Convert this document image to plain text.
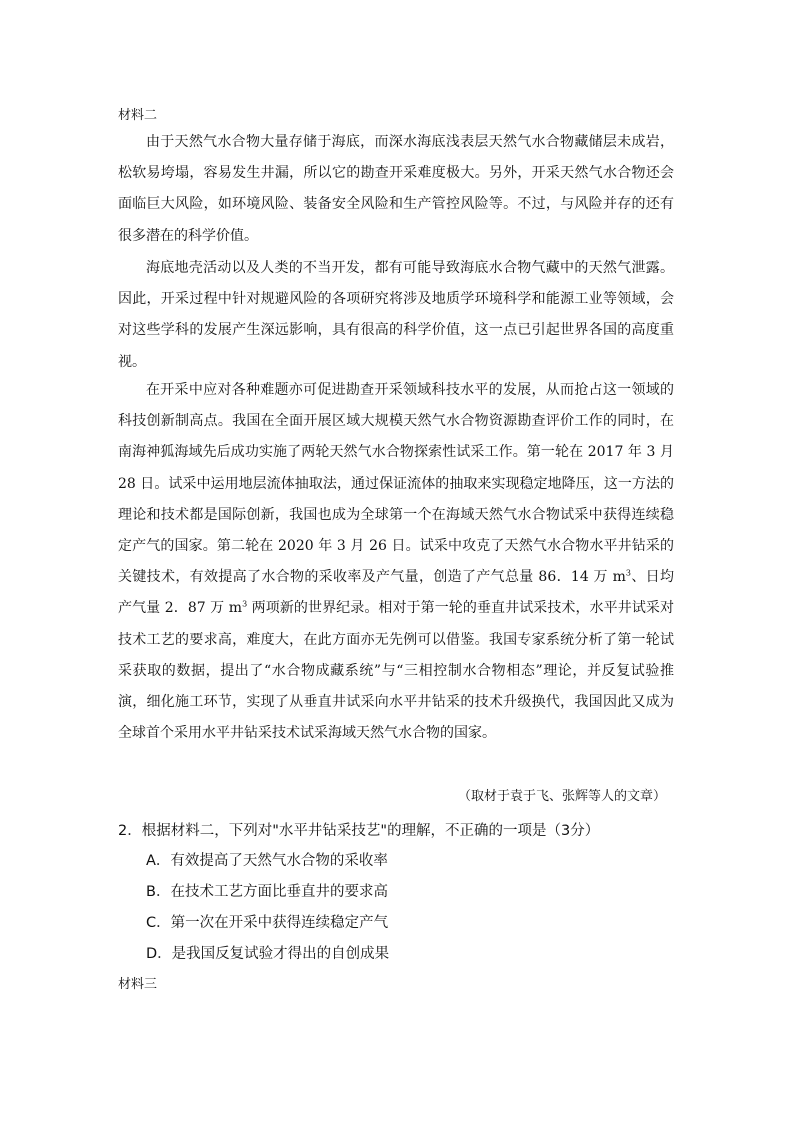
材料二

由于天然气水合物大量存储于海底，而深水海底浅表层天然气水合物藏储层未成岩，松软易垮塌，容易发生井漏，所以它的勘查开采难度极大。另外，开采天然气水合物还会面临巨大风险，如环境风险、装备安全风险和生产管控风险等。不过，与风险并存的还有很多潜在的科学价值。

海底地壳活动以及人类的不当开发，都有可能导致海底水合物气藏中的天然气泄露。因此，开采过程中针对规避风险的各项研究将涉及地质学环境科学和能源工业等领域，会对这些学科的发展产生深远影响，具有很高的科学价值，这一点已引起世界各国的高度重视。

在开采中应对各种难题亦可促进勘查开采领域科技水平的发展，从而抢占这一领域的科技创新制高点。我国在全面开展区域大规模天然气水合物资源勘查评价工作的同时，在南海神狐海域先后成功实施了两轮天然气水合物探索性试采工作。第一轮在 2017 年 3 月 28 日。试采中运用地层流体抽取法，通过保证流体的抽取来实现稳定地降压，这一方法的理论和技术都是国际创新，我国也成为全球第一个在海域天然气水合物试采中获得连续稳定产气的国家。第二轮在 2020 年 3 月 26 日。试采中攻克了天然气水合物水平井钻采的关键技术，有效提高了水合物的采收率及产气量，创造了产气总量 86．14 万 $m^3$、日均产气量 2．87 万 $m^3$ 两项新的世界纪录。相对于第一轮的垂直井试采技术，水平井试采对技术工艺的要求高，难度大，在此方面亦无先例可以借鉴。我国专家系统分析了第一轮试采获取的数据，提出了“水合物成藏系统”与“三相控制水合物相态”理论，并反复试验推演，细化施工环节，实现了从垂直井试采向水平井钻采的技术升级换代，我国因此又成为全球首个采用水平井钻采技术试采海域天然气水合物的国家。

（取材于袁于飞、张辉等人的文章）
2．根据材料二，下列对"水平井钻采技艺"的理解，不正确的一项是（3分）
A．有效提高了天然气水合物的采收率
B．在技术工艺方面比垂直井的要求高
C．第一次在开采中获得连续稳定产气
D．是我国反复试验才得出的自创成果
材料三
